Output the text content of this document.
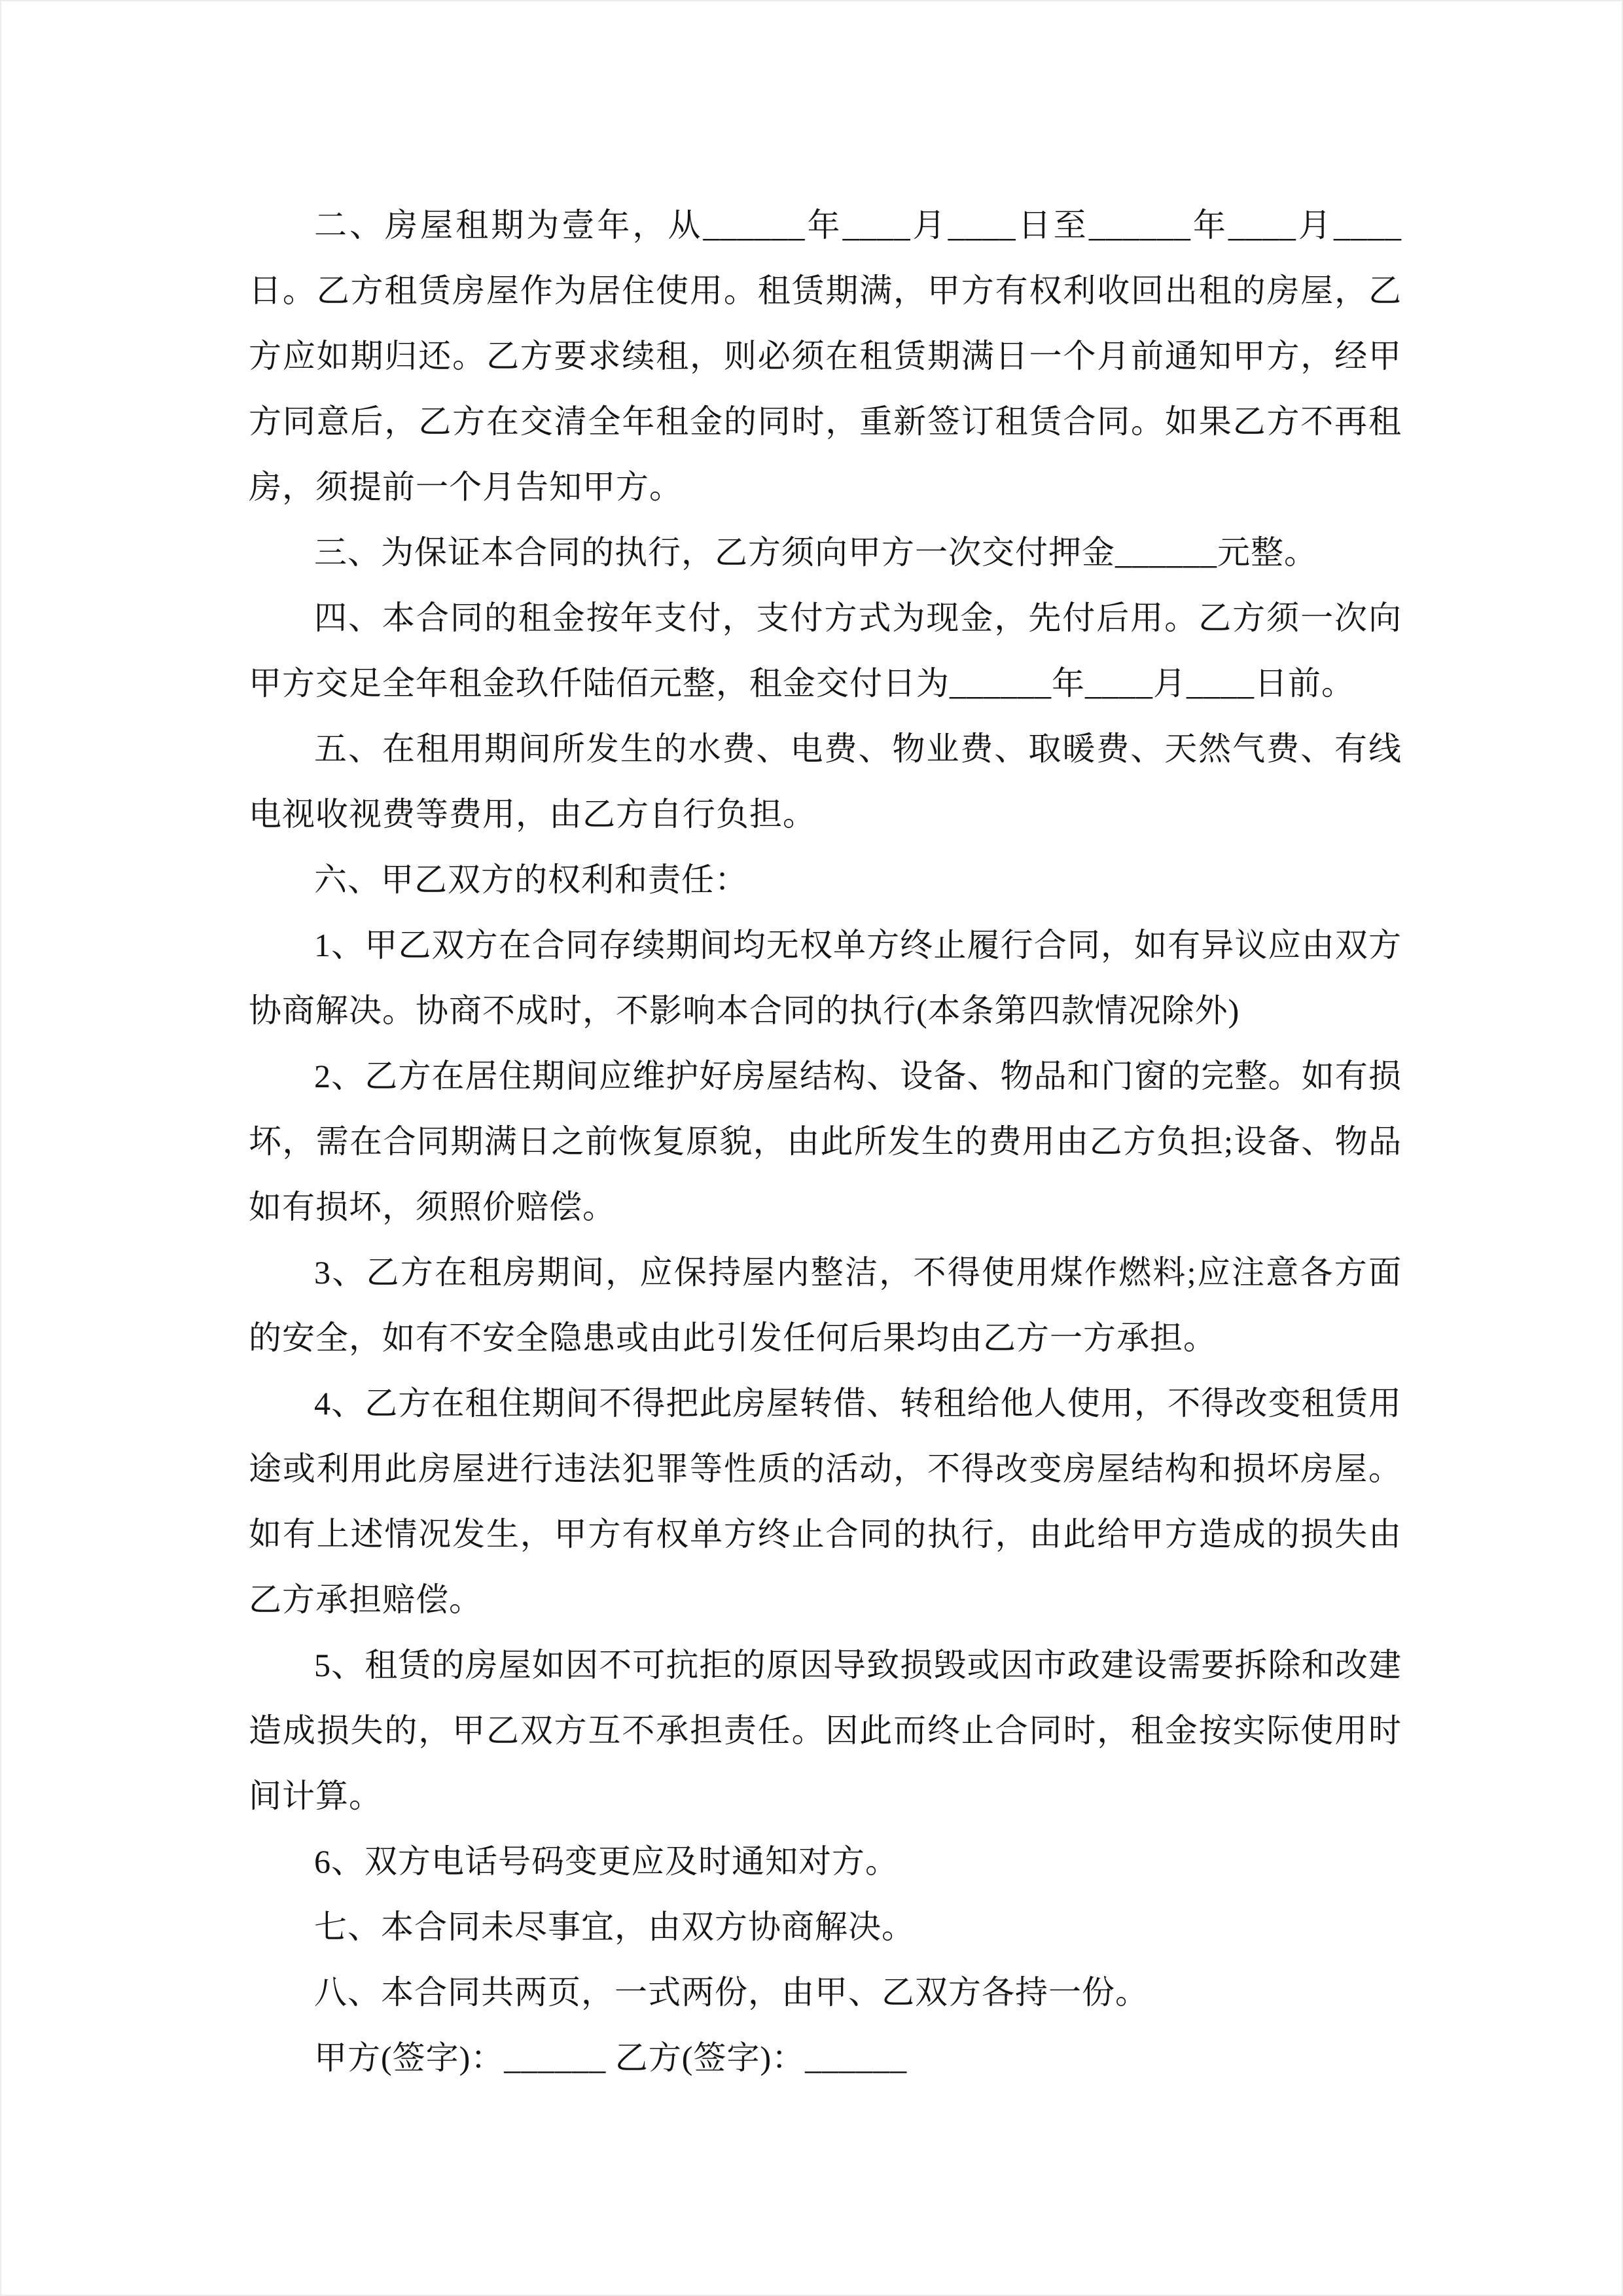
二、房屋租期为壹年，从______年____月____日至______年____月____日。乙方租赁房屋作为居住使用。租赁期满，甲方有权利收回出租的房屋，乙方应如期归还。乙方要求续租，则必须在租赁期满日一个月前通知甲方，经甲方同意后，乙方在交清全年租金的同时，重新签订租赁合同。如果乙方不再租房，须提前一个月告知甲方。

三、为保证本合同的执行，乙方须向甲方一次交付押金______元整。

四、本合同的租金按年支付，支付方式为现金，先付后用。乙方须一次向甲方交足全年租金玖仟陆佰元整，租金交付日为______年____月____日前。

五、在租用期间所发生的水费、电费、物业费、取暖费、天然气费、有线电视收视费等费用，由乙方自行负担。

六、甲乙双方的权利和责任：

1、甲乙双方在合同存续期间均无权单方终止履行合同，如有异议应由双方协商解决。协商不成时，不影响本合同的执行(本条第四款情况除外)

2、乙方在居住期间应维护好房屋结构、设备、物品和门窗的完整。如有损坏，需在合同期满日之前恢复原貌，由此所发生的费用由乙方负担;设备、物品如有损坏，须照价赔偿。

3、乙方在租房期间，应保持屋内整洁，不得使用煤作燃料;应注意各方面的安全，如有不安全隐患或由此引发任何后果均由乙方一方承担。

4、乙方在租住期间不得把此房屋转借、转租给他人使用，不得改变租赁用途或利用此房屋进行违法犯罪等性质的活动，不得改变房屋结构和损坏房屋。如有上述情况发生，甲方有权单方终止合同的执行，由此给甲方造成的损失由乙方承担赔偿。

5、租赁的房屋如因不可抗拒的原因导致损毁或因市政建设需要拆除和改建造成损失的，甲乙双方互不承担责任。因此而终止合同时，租金按实际使用时间计算。

6、双方电话号码变更应及时通知对方。

七、本合同未尽事宜，由双方协商解决。

八、本合同共两页，一式两份，由甲、乙双方各持一份。

甲方(签字)：______ 乙方(签字)：______
